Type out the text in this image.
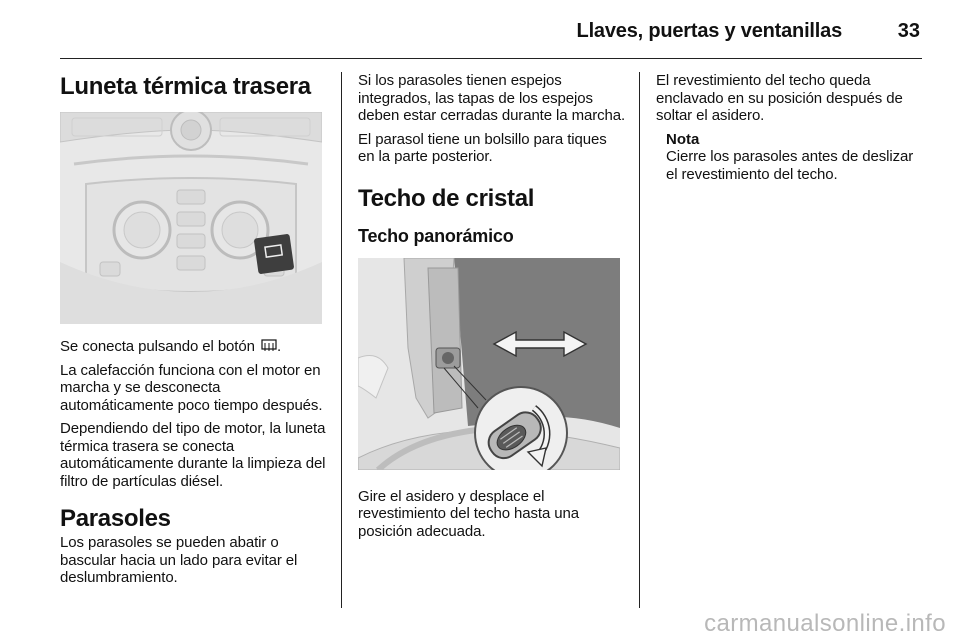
Llaves, puertas y ventanillas	33
Luneta térmica trasera

Se conecta pulsando el botón .

La calefacción funciona con el motor en marcha y se desconecta automáticamente poco tiempo después.

Dependiendo del tipo de motor, la luneta térmica trasera se conecta automáticamente durante la limpieza del filtro de partículas diésel.

Parasoles

Los parasoles se pueden abatir o bascular hacia un lado para evitar el deslumbramiento.

Si los parasoles tienen espejos integrados, las tapas de los espejos deben estar cerradas durante la marcha.

El parasol tiene un bolsillo para tiques en la parte posterior.

Techo de cristal
Techo panorámico

Gire el asidero y desplace el revestimiento del techo hasta una posición adecuada.

El revestimiento del techo queda enclavado en su posición después de soltar el asidero.

Nota

Cierre los parasoles antes de deslizar el revestimiento del techo.

carmanualsonline.info
